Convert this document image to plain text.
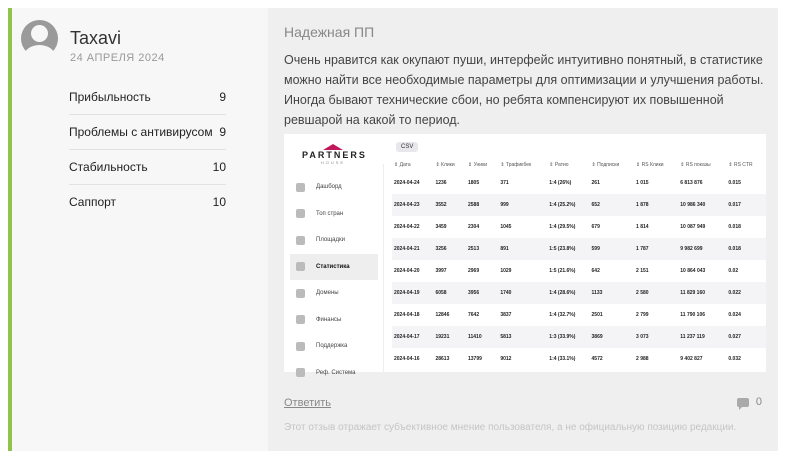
Taxavi
24 АПРЕЛЯ 2024
Прибыльность	9
Проблемы с антивирусом 9
Стабильность	10
Саппорт	10
Надежная ПП
Очень нравится как окупают пуши, интерфейс интуитивно понятный, в статистике можно найти все необходимые параметры для оптимизации и улучшения работы. Иногда бывают технические сбои, но ребята компенсируют их повышенной ревшарой на какой то период.
PARTNERS
HOUSE
Дашборд
Топ стран
Площадки
Статистика
Домены
Финансы
Поддержка
Реф. Система
CSV
⇕ Дата	⇕ Клики	⇕ Уники	⇕ Трафикбек	⇕ Ратио	⇕ Подписки	⇕ RS Клики	⇕ RS показы	⇕ RS CTR
2024-04-24	1236	1805	371	1:4 (26%)	261	1 015	6 813 876	0.015
2024-04-23	3552	2588	999	1:4 (25.2%)	652	1 878	10 986 340	0.017
2024-04-22	3459	2304	1045	1:4 (29.5%)	679	1 814	10 087 949	0.018
2024-04-21	3256	2513	891	1:5 (23.8%)	599	1 787	9 982 699	0.018
2024-04-20	3997	2969	1029	1:5 (21.6%)	642	2 151	10 864 043	0.02
2024-04-19	6058	3956	1740	1:4 (28.6%)	1133	2 580	11 829 160	0.022
2024-04-18	12846	7642	3837	1:4 (32.7%)	2501	2 799	11 790 106	0.024
2024-04-17	19231	11410	5813	1:3 (33.9%)	3869	3 073	11 237 119	0.027
2024-04-16	28613	13799	9012	1:4 (33.1%)	4572	2 988	9 402 827	0.032
Ответить	0
Этот отзыв отражает субъективное мнение пользователя, а не официальную позицию редакции.
